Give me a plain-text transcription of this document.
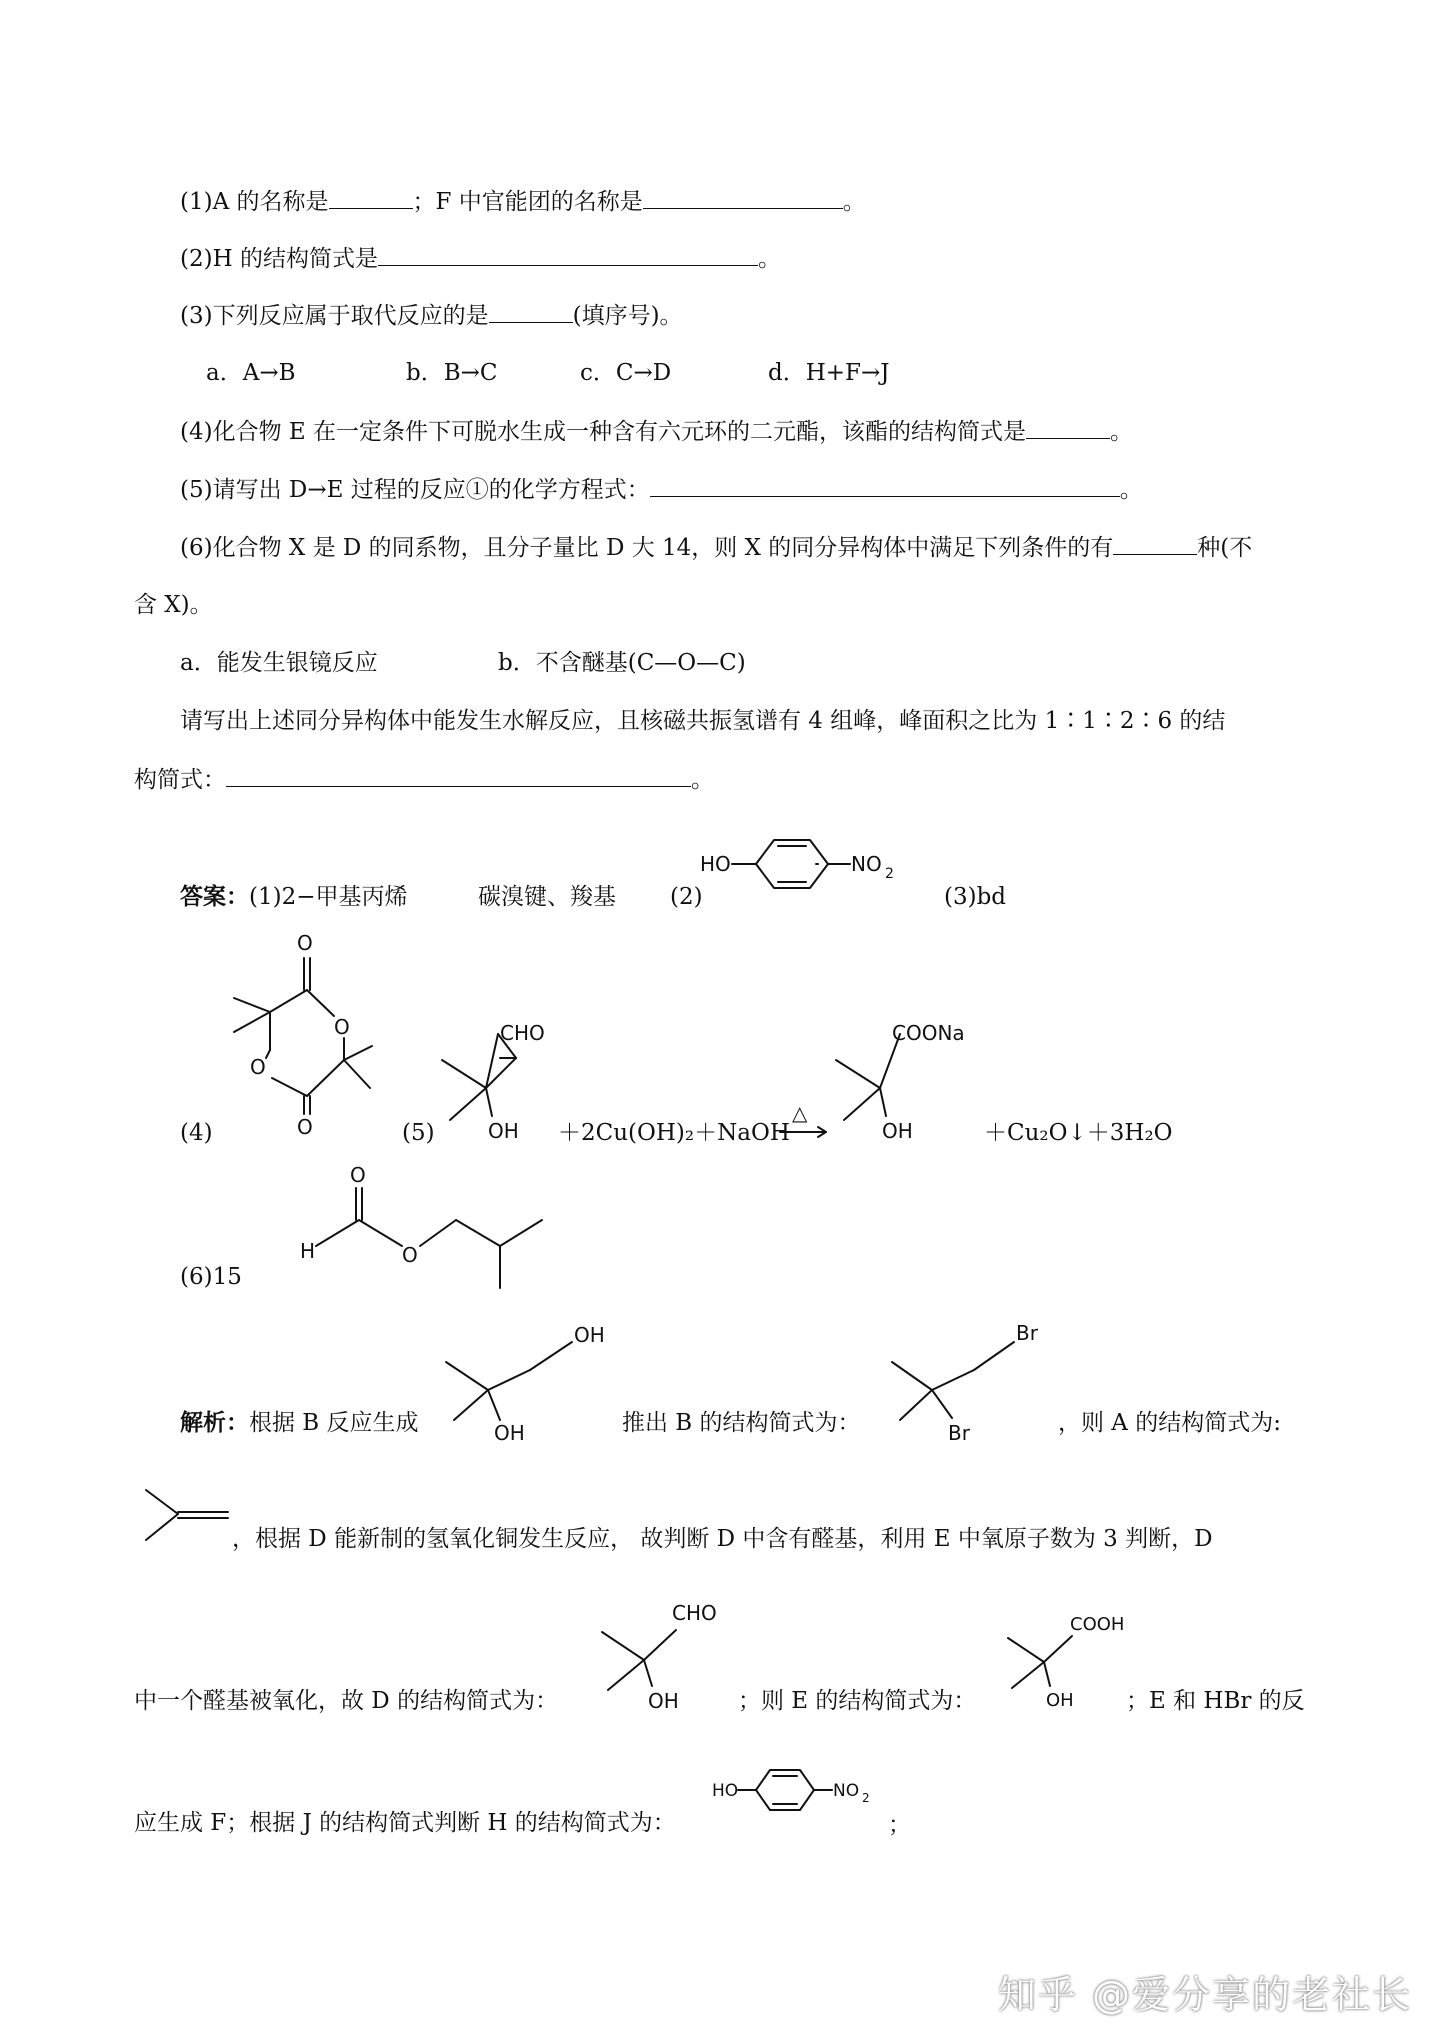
(1)A 的名称是	；F 中官能团的名称是	。
(2)H 的结构简式是	。
(3)下列反应属于取代反应的是	(填序号)。
a．A→B	b．B→C	c．C→D	d．H+F→J
(4)化合物 E 在一定条件下可脱水生成一种含有六元环的二元酯，该酯的结构简式是	。
(5)请写出 D→E 过程的反应①的化学方程式：	。
(6)化合物 X 是 D 的同系物，且分子量比 D 大 14，则 X 的同分异构体中满足下列条件的有	种(不
含 X)。
a．能发生银镜反应	b．不含醚基(C—O—C)
请写出上述同分异构体中能发生水解反应，且核磁共振氢谱有 4 组峰，峰面积之比为 1∶1∶2∶6 的结
构简式：	。
答案：(1)2−甲基丙烯	碳溴键、羧基 (2)	(3)bd
HO	NO 2
(4)
O
O
O
O	(5)
CHO
OH ＋2Cu(OH)₂＋NaOH
△
COONa
OH	＋Cu₂O↓＋3H₂O
(6)15
O
H	O
解析：根据 B 反应生成
OH
OH	推出 B 的结构简式为：
Br
Br	，则 A 的结构简式为:
，根据 D 能新制的氢氧化铜发生反应， 故判断 D 中含有醛基，利用 E 中氧原子数为 3 判断，D
中一个醛基被氧化，故 D 的结构简式为：
CHO
OH	；则 E 的结构简式为：
COOH
OH ；E 和 HBr 的反
应生成 F；根据 J 的结构简式判断 H 的结构简式为：
HO	NO 2
；
知乎 @爱分享的老社长
